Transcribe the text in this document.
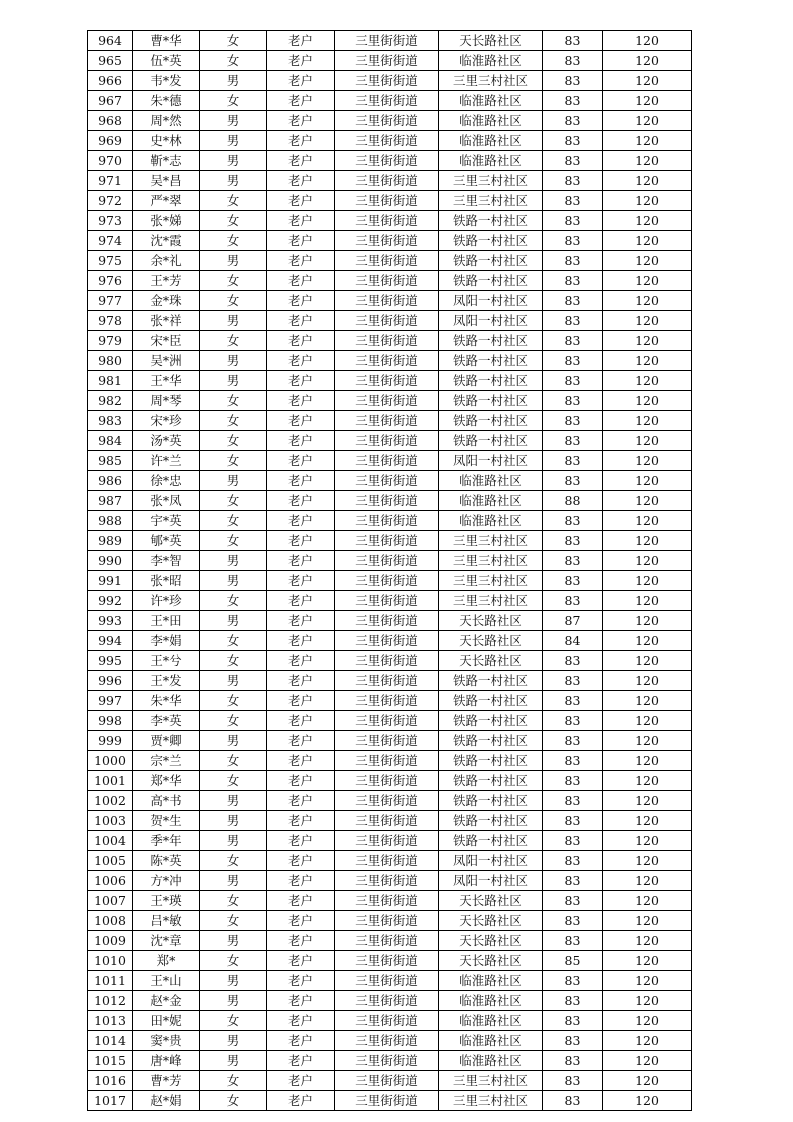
964	曹*华	女	老户	三里街街道	天长路社区	83	120
965	伍*英	女	老户	三里街街道	临淮路社区	83	120
966	韦*发	男	老户	三里街街道	三里三村社区	83	120
967	朱*德	女	老户	三里街街道	临淮路社区	83	120
968	周*然	男	老户	三里街街道	临淮路社区	83	120
969	史*林	男	老户	三里街街道	临淮路社区	83	120
970	靳*志	男	老户	三里街街道	临淮路社区	83	120
971	吴*昌	男	老户	三里街街道	三里三村社区	83	120
972	严*翠	女	老户	三里街街道	三里三村社区	83	120
973	张*娣	女	老户	三里街街道	铁路一村社区	83	120
974	沈*霞	女	老户	三里街街道	铁路一村社区	83	120
975	余*礼	男	老户	三里街街道	铁路一村社区	83	120
976	王*芳	女	老户	三里街街道	铁路一村社区	83	120
977	金*珠	女	老户	三里街街道	凤阳一村社区	83	120
978	张*祥	男	老户	三里街街道	凤阳一村社区	83	120
979	宋*臣	女	老户	三里街街道	铁路一村社区	83	120
980	吴*洲	男	老户	三里街街道	铁路一村社区	83	120
981	王*华	男	老户	三里街街道	铁路一村社区	83	120
982	周*琴	女	老户	三里街街道	铁路一村社区	83	120
983	宋*珍	女	老户	三里街街道	铁路一村社区	83	120
984	汤*英	女	老户	三里街街道	铁路一村社区	83	120
985	许*兰	女	老户	三里街街道	凤阳一村社区	83	120
986	徐*忠	男	老户	三里街街道	临淮路社区	83	120
987	张*凤	女	老户	三里街街道	临淮路社区	88	120
988	宇*英	女	老户	三里街街道	临淮路社区	83	120
989	郇*英	女	老户	三里街街道	三里三村社区	83	120
990	李*智	男	老户	三里街街道	三里三村社区	83	120
991	张*昭	男	老户	三里街街道	三里三村社区	83	120
992	许*珍	女	老户	三里街街道	三里三村社区	83	120
993	王*田	男	老户	三里街街道	天长路社区	87	120
994	李*娟	女	老户	三里街街道	天长路社区	84	120
995	王*兮	女	老户	三里街街道	天长路社区	83	120
996	王*发	男	老户	三里街街道	铁路一村社区	83	120
997	朱*华	女	老户	三里街街道	铁路一村社区	83	120
998	李*英	女	老户	三里街街道	铁路一村社区	83	120
999	贾*卿	男	老户	三里街街道	铁路一村社区	83	120
1000	宗*兰	女	老户	三里街街道	铁路一村社区	83	120
1001	郑*华	女	老户	三里街街道	铁路一村社区	83	120
1002	高*书	男	老户	三里街街道	铁路一村社区	83	120
1003	贺*生	男	老户	三里街街道	铁路一村社区	83	120
1004	季*年	男	老户	三里街街道	铁路一村社区	83	120
1005	陈*英	女	老户	三里街街道	凤阳一村社区	83	120
1006	方*冲	男	老户	三里街街道	凤阳一村社区	83	120
1007	王*瑛	女	老户	三里街街道	天长路社区	83	120
1008	吕*敏	女	老户	三里街街道	天长路社区	83	120
1009	沈*章	男	老户	三里街街道	天长路社区	83	120
1010	郑*	女	老户	三里街街道	天长路社区	85	120
1011	王*山	男	老户	三里街街道	临淮路社区	83	120
1012	赵*金	男	老户	三里街街道	临淮路社区	83	120
1013	田*妮	女	老户	三里街街道	临淮路社区	83	120
1014	窦*贵	男	老户	三里街街道	临淮路社区	83	120
1015	唐*峰	男	老户	三里街街道	临淮路社区	83	120
1016	曹*芳	女	老户	三里街街道	三里三村社区	83	120
1017	赵*娟	女	老户	三里街街道	三里三村社区	83	120
